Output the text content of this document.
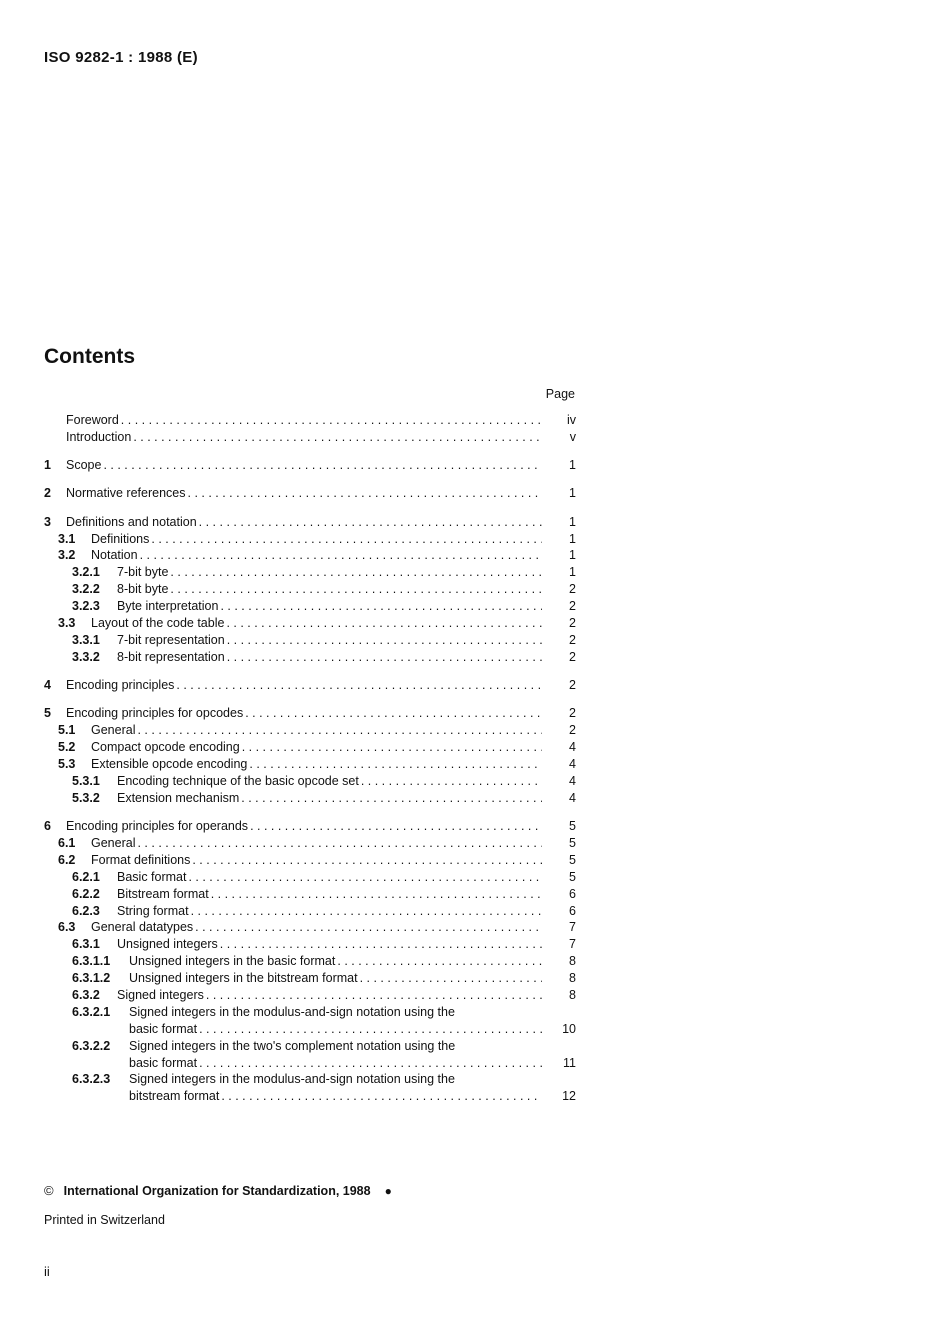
ISO 9282-1 : 1988 (E)
Contents
Page
Foreword . . .	iv
Introduction . . .	v
1	Scope . . .	1
2	Normative references . . .	1
3	Definitions and notation . . .	1
3.1	Definitions . . .	1
3.2	Notation . . .	1
3.2.1	7-bit byte . . .	1
3.2.2	8-bit byte . . .	2
3.2.3	Byte interpretation . . .	2
3.3	Layout of the code table . . .	2
3.3.1	7-bit representation . . .	2
3.3.2	8-bit representation . . .	2
4	Encoding principles . . .	2
5	Encoding principles for opcodes . . .	2
5.1	General . . .	2
5.2	Compact opcode encoding . . .	4
5.3	Extensible opcode encoding . . .	4
5.3.1	Encoding technique of the basic opcode set . . .	4
5.3.2	Extension mechanism . . .	4
6	Encoding principles for operands . . .	5
6.1	General . . .	5
6.2	Format definitions . . .	5
6.2.1	Basic format . . .	5
6.2.2	Bitstream format . . .	6
6.2.3	String format . . .	6
6.3	General datatypes . . .	7
6.3.1	Unsigned integers . . .	7
6.3.1.1	Unsigned integers in the basic format . . .	8
6.3.1.2	Unsigned integers in the bitstream format . . .	8
6.3.2	Signed integers . . .	8
6.3.2.1	Signed integers in the modulus-and-sign notation using the
basic format . . .	10
6.3.2.2	Signed integers in the two's complement notation using the
basic format . . .	11
6.3.2.3	Signed integers in the modulus-and-sign notation using the
bitstream format . . .	12
© International Organization for Standardization, 1988 ●
Printed in Switzerland
ii
